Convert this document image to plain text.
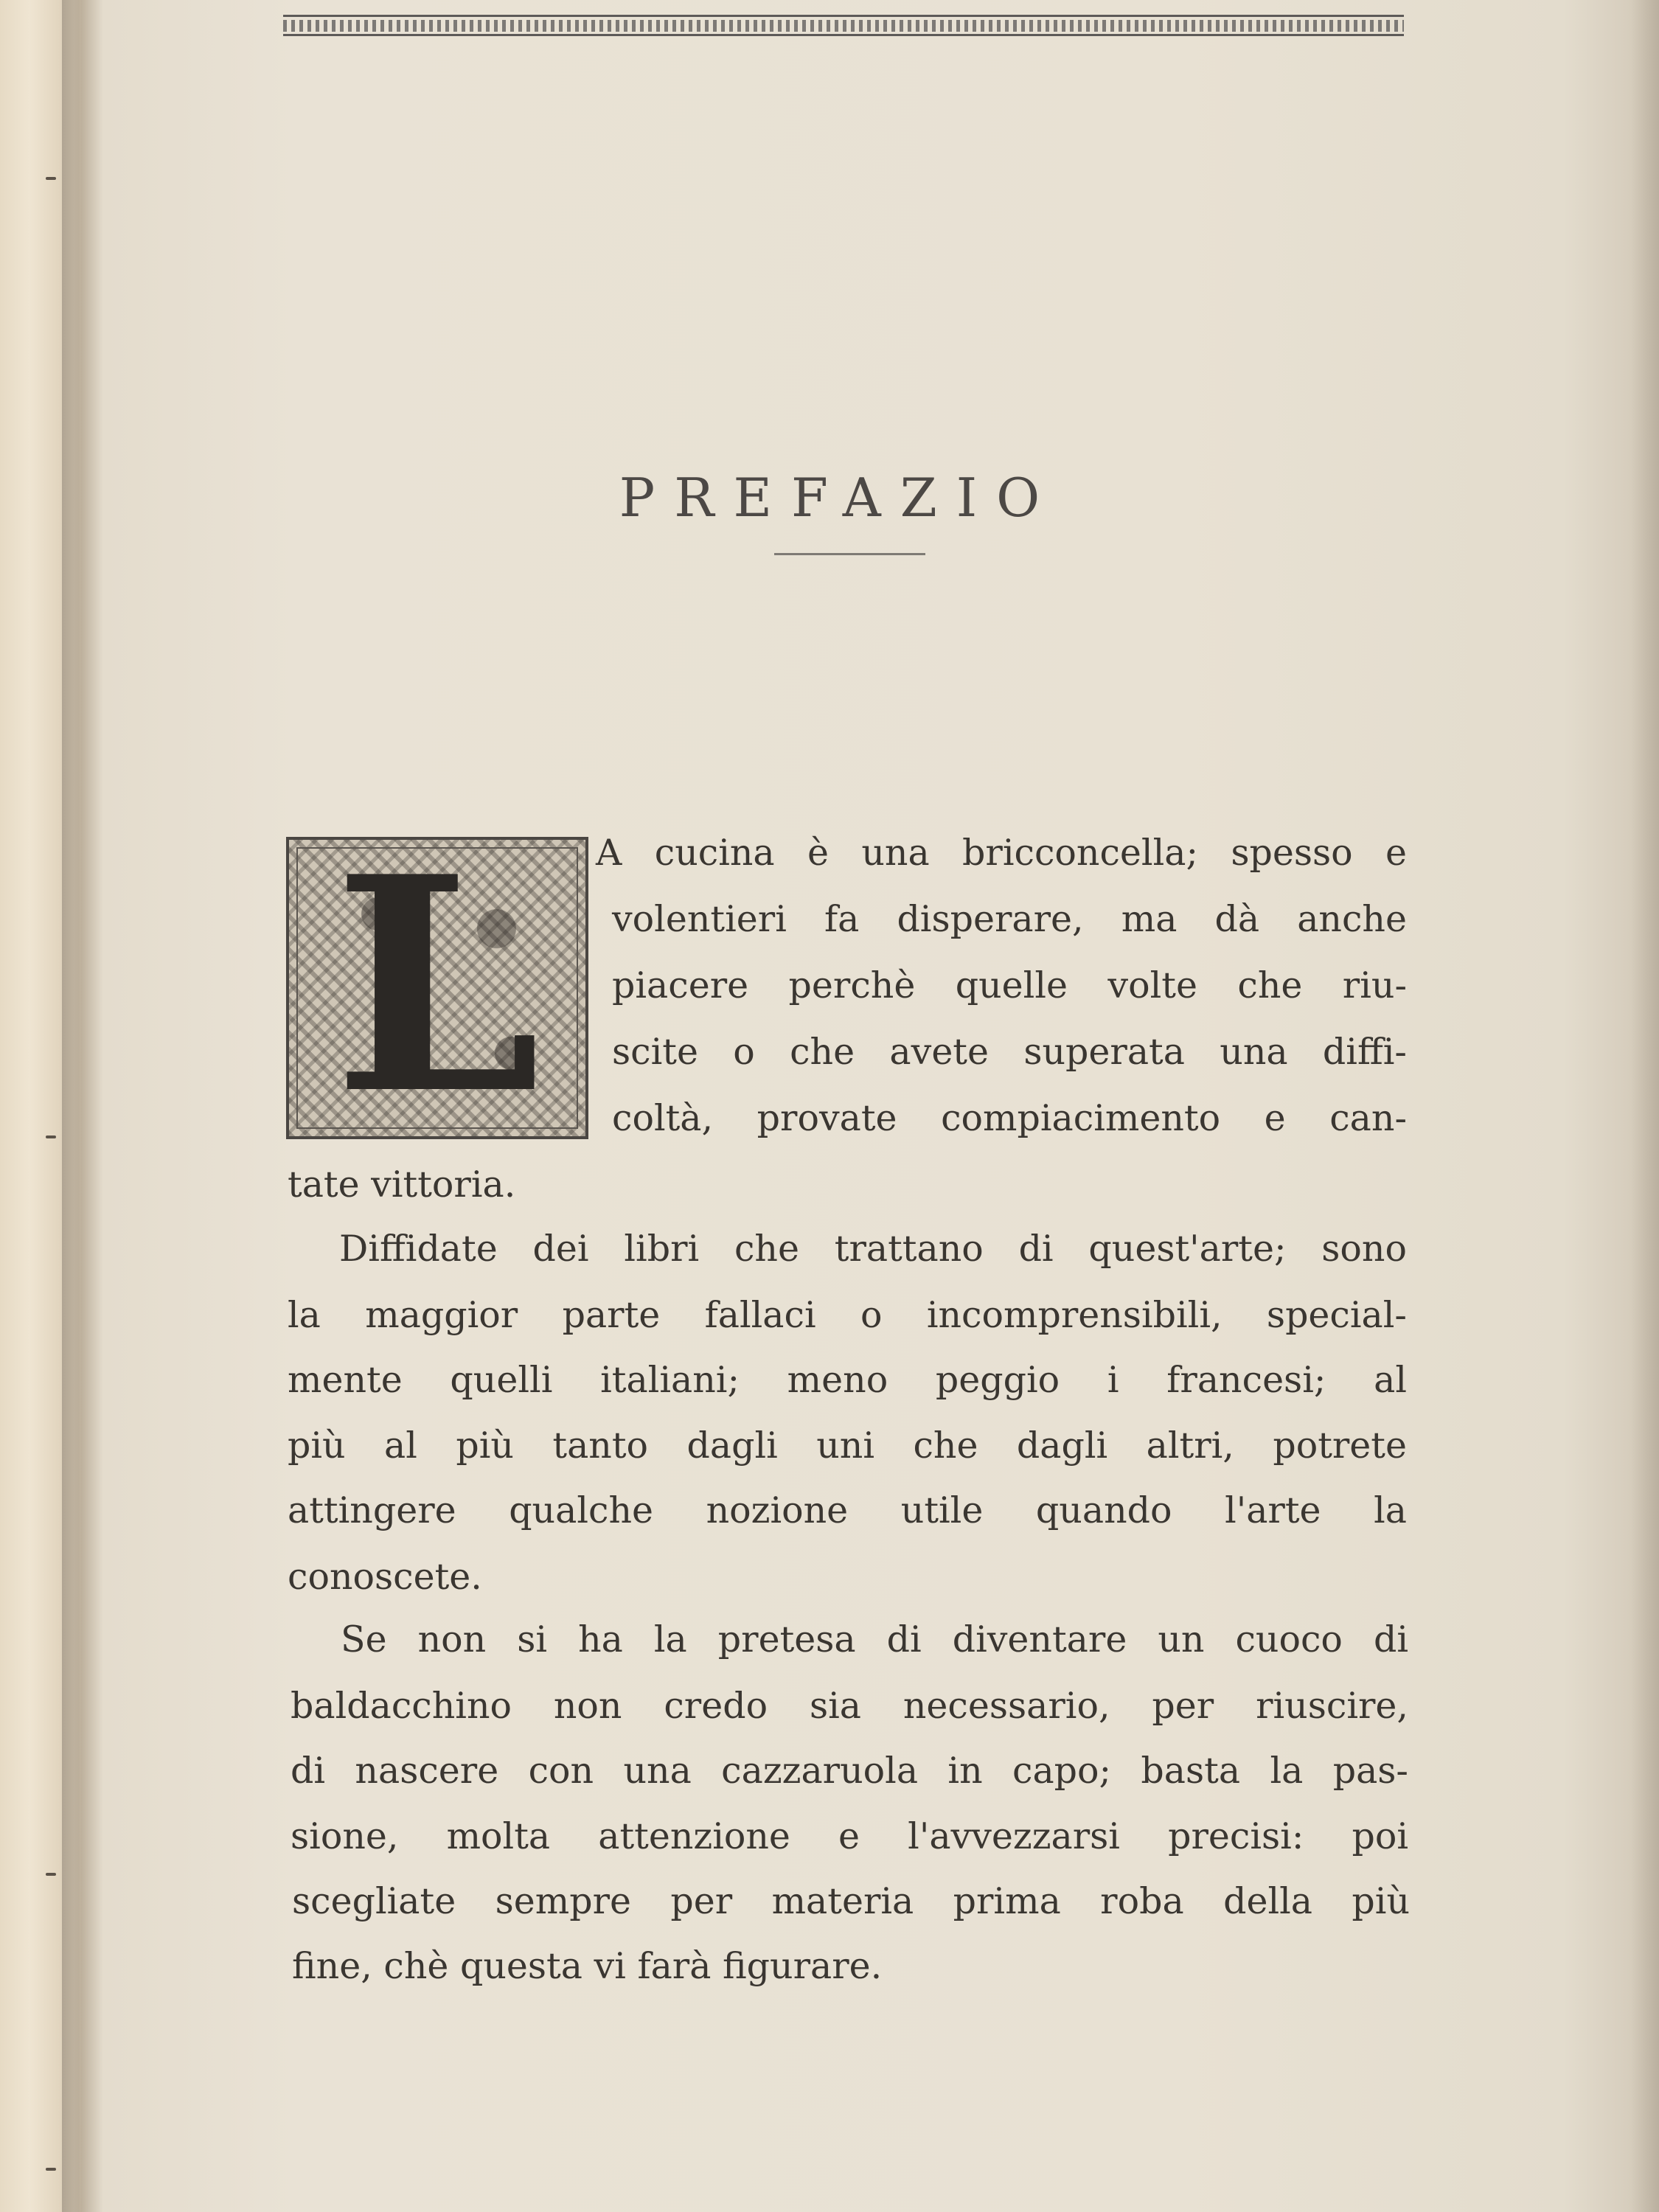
PREFAZIO
L A cucina è una bricconcella; spesso e
volentieri fa disperare, ma dà anche
piacere perchè quelle volte che riu-
scite o che avete superata una diffi-
coltà, provate compiacimento e can-
tate vittoria.
Diffidate dei libri che trattano di quest'arte; sono
la maggior parte fallaci o incomprensibili, special-
mente quelli italiani; meno peggio i francesi; al
più al più tanto dagli uni che dagli altri, potrete
attingere qualche nozione utile quando l'arte la
conoscete.
Se non si ha la pretesa di diventare un cuoco di
baldacchino non credo sia necessario, per riuscire,
di nascere con una cazzaruola in capo; basta la pas-
sione, molta attenzione e l'avvezzarsi precisi: poi
scegliate sempre per materia prima roba della più
fine, chè questa vi farà figurare.
